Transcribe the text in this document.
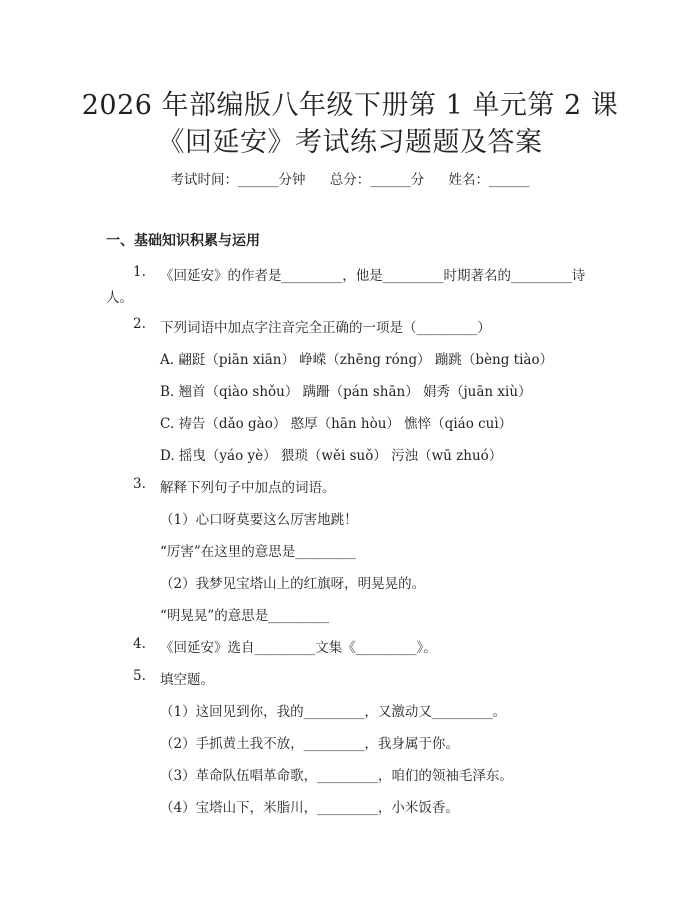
2026 年部编版八年级下册第 1 单元第 2 课
《回延安》考试练习题题及答案
考试时间：______分钟 总分：______分 姓名：______
一、基础知识积累与运用
1. 《回延安》的作者是_________，他是_________时期著名的_________诗
人。
2. 下列词语中加点字注音完全正确的一项是（_________）
A. 翩跹（piān xiān） 峥嵘（zhēng róng） 蹦跳（bèng tiào）
B. 翘首（qiào shǒu） 蹒跚（pán shān） 娟秀（juān xiù）
C. 祷告（dǎo gào） 憨厚（hān hòu） 憔悴（qiáo cuì）
D. 摇曳（yáo yè） 猥琐（wěi suǒ） 污浊（wū zhuó）
3. 解释下列句子中加点的词语。
（1）心口呀莫要这么厉害地跳！
“厉害”在这里的意思是_________
（2）我梦见宝塔山上的红旗呀，明晃晃的。
“明晃晃”的意思是_________
4. 《回延安》选自_________文集《_________》。
5. 填空题。
（1）这回见到你，我的_________，又激动又_________。
（2）手抓黄土我不放，_________，我身属于你。
（3）革命队伍唱革命歌，_________，咱们的领袖毛泽东。
（4）宝塔山下，米脂川，_________，小米饭香。
